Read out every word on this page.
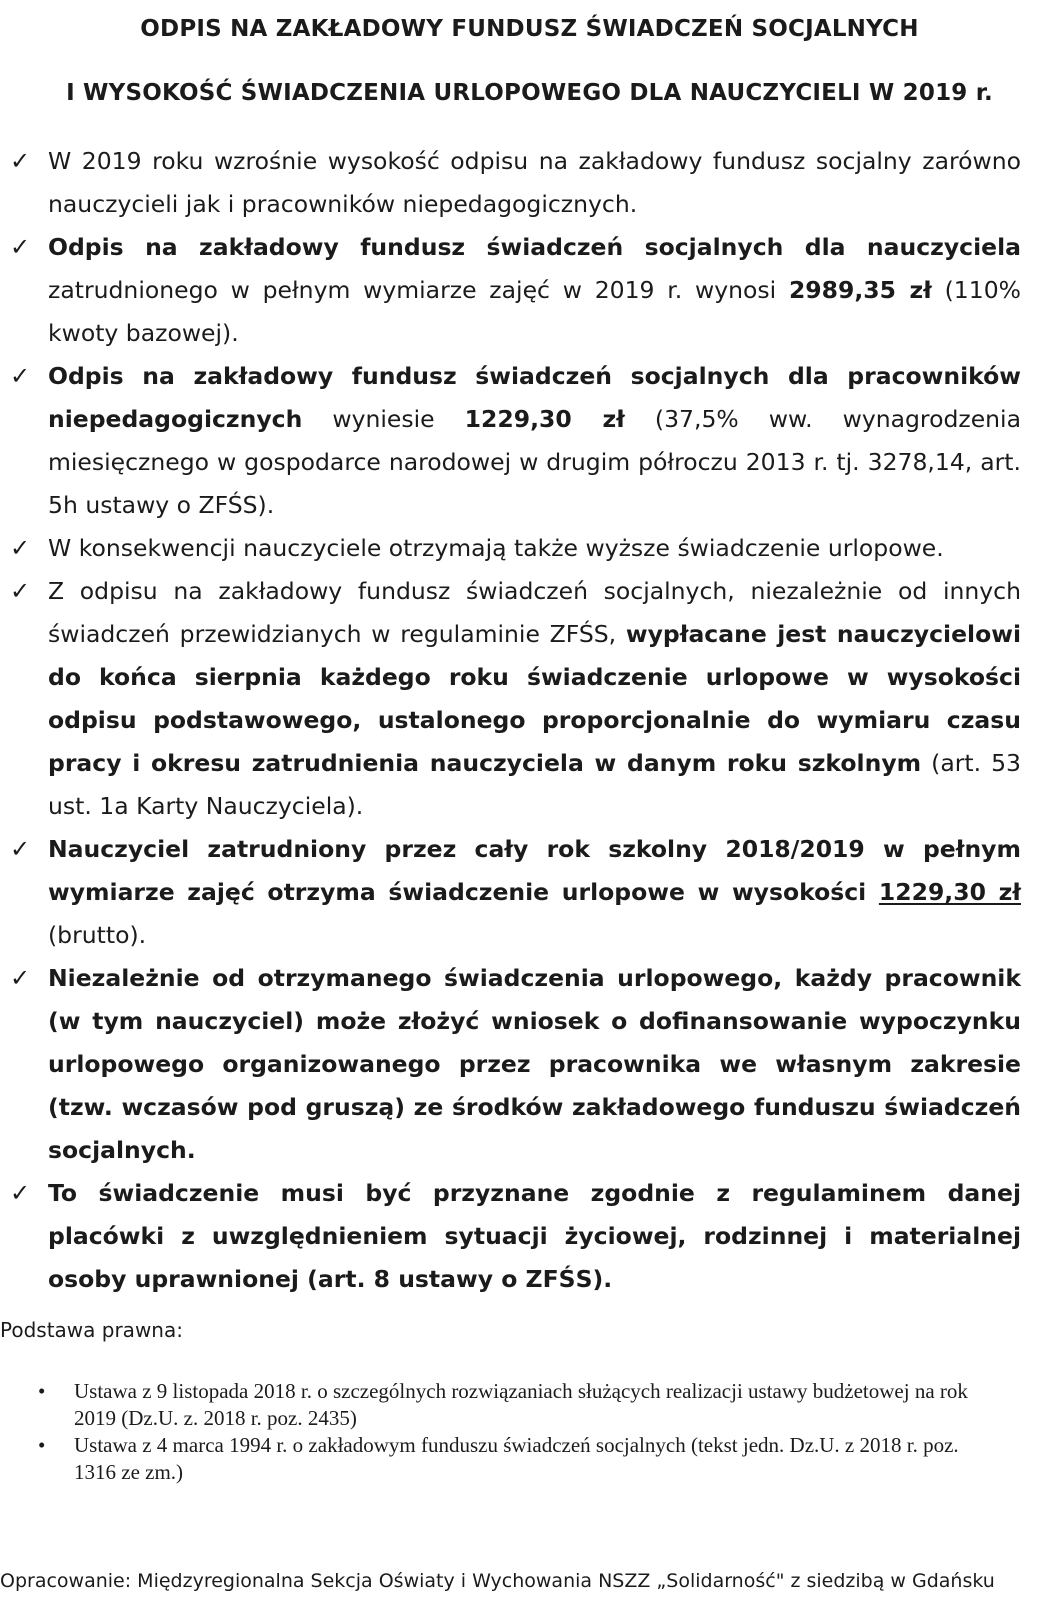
ODPIS NA ZAKŁADOWY FUNDUSZ ŚWIADCZEŃ SOCJALNYCH
I WYSOKOŚĆ ŚWIADCZENIA URLOPOWEGO DLA NAUCZYCIELI W 2019 r.
✓ W 2019 roku wzrośnie wysokość odpisu na zakładowy fundusz socjalny zarówno nauczycieli jak i pracowników niepedagogicznych.

✓ Odpis na zakładowy fundusz świadczeń socjalnych dla nauczyciela zatrudnionego w pełnym wymiarze zajęć w 2019 r. wynosi 2989,35 zł (110% kwoty bazowej).

✓ Odpis na zakładowy fundusz świadczeń socjalnych dla pracowników niepedagogicznych wyniesie 1229,30 zł (37,5% ww. wynagrodzenia miesięcznego w gospodarce narodowej w drugim półroczu 2013 r. tj. 3278,14, art. 5h ustawy o ZFŚS).

✓ W konsekwencji nauczyciele otrzymają także wyższe świadczenie urlopowe.

✓ Z odpisu na zakładowy fundusz świadczeń socjalnych, niezależnie od innych świadczeń przewidzianych w regulaminie ZFŚS, wypłacane jest nauczycielowi do końca sierpnia każdego roku świadczenie urlopowe w wysokości odpisu podstawowego, ustalonego proporcjonalnie do wymiaru czasu pracy i okresu zatrudnienia nauczyciela w danym roku szkolnym (art. 53 ust. 1a Karty Nauczyciela).

✓ Nauczyciel zatrudniony przez cały rok szkolny 2018/2019 w pełnym wymiarze zajęć otrzyma świadczenie urlopowe w wysokości 1229,30 zł (brutto).

✓ Niezależnie od otrzymanego świadczenia urlopowego, każdy pracownik (w tym nauczyciel) może złożyć wniosek o dofinansowanie wypoczynku urlopowego organizowanego przez pracownika we własnym zakresie (tzw. wczasów pod gruszą) ze środków zakładowego funduszu świadczeń socjalnych.

✓ To świadczenie musi być przyznane zgodnie z regulaminem danej placówki z uwzględnieniem sytuacji życiowej, rodzinnej i materialnej osoby uprawnionej (art. 8 ustawy o ZFŚS).

Podstawa prawna:
• Ustawa z 9 listopada 2018 r. o szczególnych rozwiązaniach służących realizacji ustawy budżetowej na rok 2019 (Dz.U. z. 2018 r. poz. 2435)
• Ustawa z 4 marca 1994 r. o zakładowym funduszu świadczeń socjalnych (tekst jedn. Dz.U. z 2018 r. poz. 1316 ze zm.)
Opracowanie: Międzyregionalna Sekcja Oświaty i Wychowania NSZZ „Solidarność" z siedzibą w Gdańsku
